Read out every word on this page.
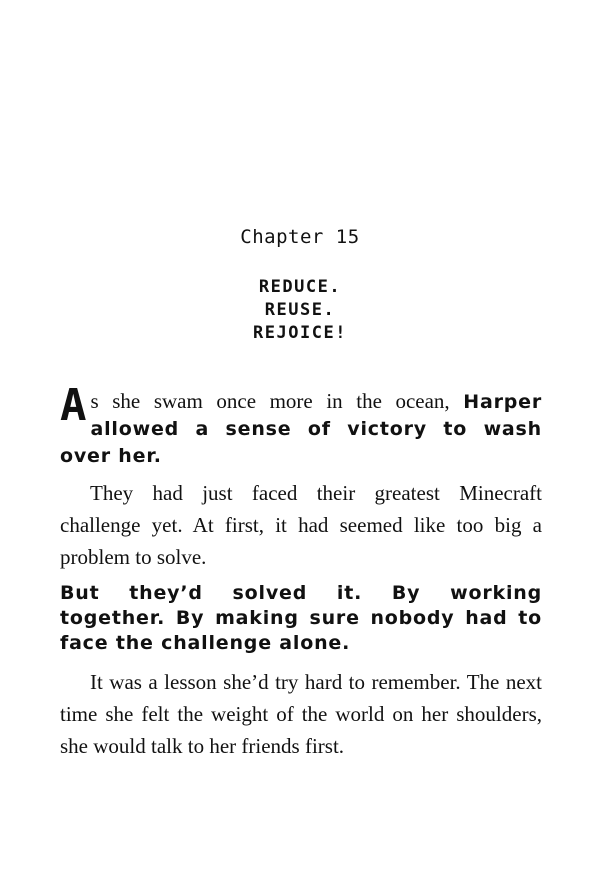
Chapter 15
REDUCE.
REUSE.
REJOICE!

As she swam once more in the ocean, Harper allowed a sense of victory to wash over her.

They had just faced their greatest Minecraft challenge yet. At first, it had seemed like too big a problem to solve.

But they’d solved it. By working together. By making sure nobody had to face the challenge alone.

It was a lesson she’d try hard to remember. The next time she felt the weight of the world on her shoulders, she would talk to her friends first.
